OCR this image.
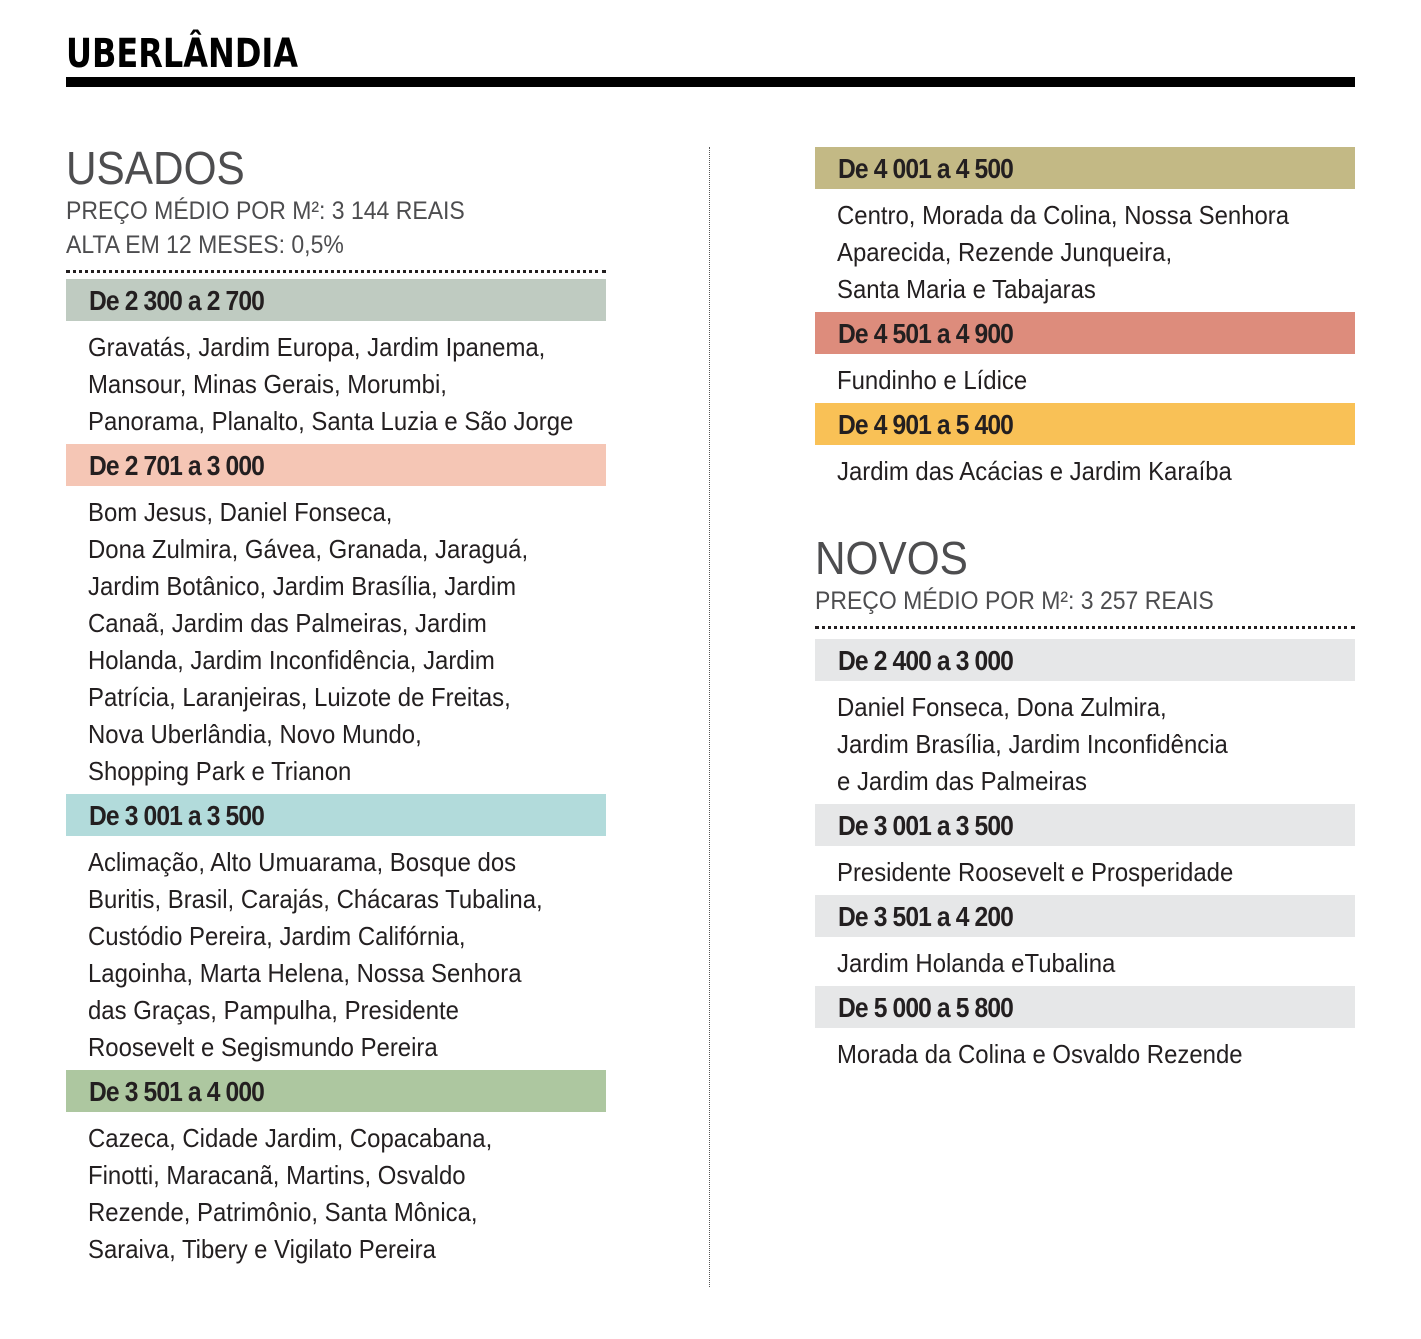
UBERLÂNDIA
USADOS
PREÇO MÉDIO POR M²: 3 144 REAIS
ALTA EM 12 MESES: 0,5%
De 2 300 a 2 700
Gravatás, Jardim Europa, Jardim Ipanema,
Mansour, Minas Gerais, Morumbi,
Panorama, Planalto, Santa Luzia e São Jorge
De 2 701 a 3 000
Bom Jesus, Daniel Fonseca,
Dona Zulmira, Gávea, Granada, Jaraguá,
Jardim Botânico, Jardim Brasília, Jardim
Canaã, Jardim das Palmeiras, Jardim
Holanda, Jardim Inconfidência, Jardim
Patrícia, Laranjeiras, Luizote de Freitas,
Nova Uberlândia, Novo Mundo,
Shopping Park e Trianon
De 3 001 a 3 500
Aclimação, Alto Umuarama, Bosque dos
Buritis, Brasil, Carajás, Chácaras Tubalina,
Custódio Pereira, Jardim Califórnia,
Lagoinha, Marta Helena, Nossa Senhora
das Graças, Pampulha, Presidente
Roosevelt e Segismundo Pereira
De 3 501 a 4 000
Cazeca, Cidade Jardim, Copacabana,
Finotti, Maracanã, Martins, Osvaldo
Rezende, Patrimônio, Santa Mônica,
Saraiva, Tibery e Vigilato Pereira
De 4 001 a 4 500
Centro, Morada da Colina, Nossa Senhora
Aparecida, Rezende Junqueira,
Santa Maria e Tabajaras
De 4 501 a 4 900
Fundinho e Lídice
De 4 901 a 5 400
Jardim das Acácias e Jardim Karaíba
NOVOS
PREÇO MÉDIO POR M²: 3 257 REAIS
De 2 400 a 3 000
Daniel Fonseca, Dona Zulmira,
Jardim Brasília, Jardim Inconfidência
e Jardim das Palmeiras
De 3 001 a 3 500
Presidente Roosevelt e Prosperidade
De 3 501 a 4 200
Jardim Holanda eTubalina
De 5 000 a 5 800
Morada da Colina e Osvaldo Rezende
